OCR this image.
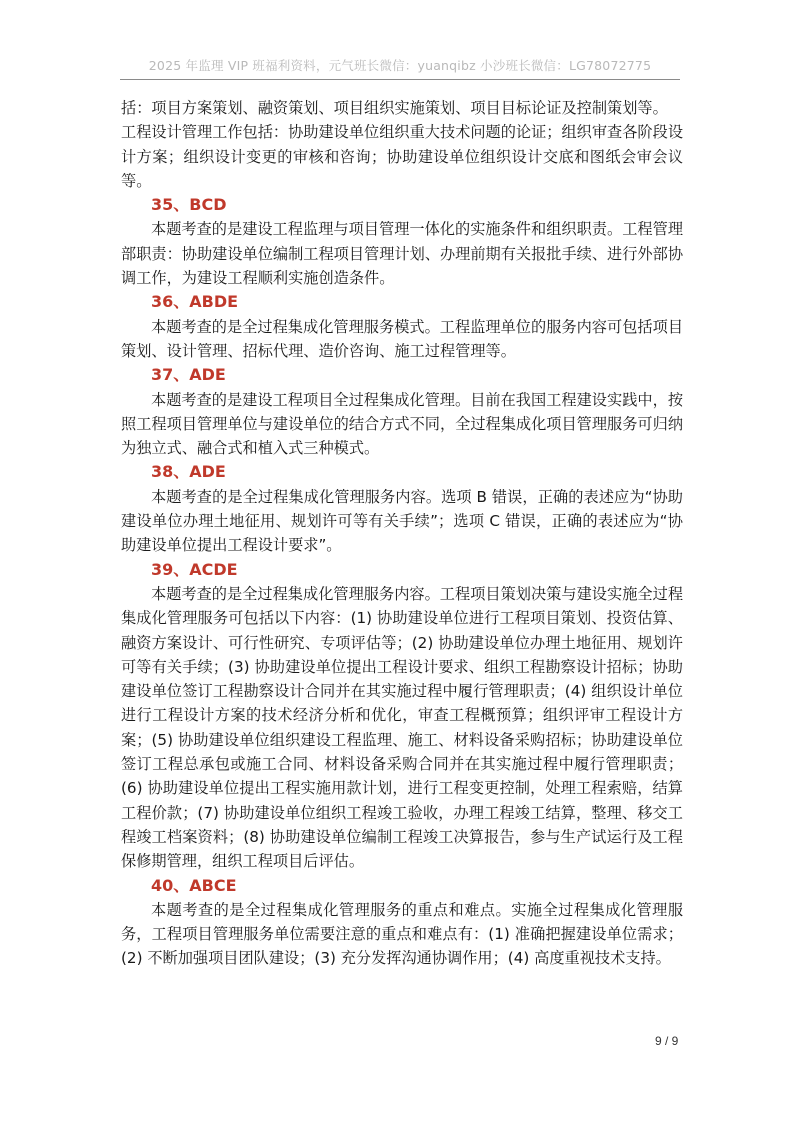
2025 年监理 VIP 班福利资料，元气班长微信：yuanqibz 小沙班长微信：LG78072775

括：项目方案策划、融资策划、项目组织实施策划、项目目标论证及控制策划等。

工程设计管理工作包括：协助建设单位组织重大技术问题的论证；组织审查各阶段设计方案；组织设计变更的审核和咨询；协助建设单位组织设计交底和图纸会审会议等。

35、BCD

本题考查的是建设工程监理与项目管理一体化的实施条件和组织职责。工程管理部职责：协助建设单位编制工程项目管理计划、办理前期有关报批手续、进行外部协调工作，为建设工程顺利实施创造条件。

36、ABDE

本题考查的是全过程集成化管理服务模式。工程监理单位的服务内容可包括项目策划、设计管理、招标代理、造价咨询、施工过程管理等。

37、ADE

本题考查的是建设工程项目全过程集成化管理。目前在我国工程建设实践中，按照工程项目管理单位与建设单位的结合方式不同，全过程集成化项目管理服务可归纳为独立式、融合式和植入式三种模式。

38、ADE

本题考查的是全过程集成化管理服务内容。选项 B 错误，正确的表述应为“协助建设单位办理土地征用、规划许可等有关手续”；选项 C 错误，正确的表述应为“协助建设单位提出工程设计要求”。

39、ACDE

本题考查的是全过程集成化管理服务内容。工程项目策划决策与建设实施全过程集成化管理服务可包括以下内容：(1) 协助建设单位进行工程项目策划、投资估算、融资方案设计、可行性研究、专项评估等；(2) 协助建设单位办理土地征用、规划许可等有关手续；(3) 协助建设单位提出工程设计要求、组织工程勘察设计招标；协助建设单位签订工程勘察设计合同并在其实施过程中履行管理职责；(4) 组织设计单位进行工程设计方案的技术经济分析和优化，审查工程概预算；组织评审工程设计方案；(5) 协助建设单位组织建设工程监理、施工、材料设备采购招标；协助建设单位签订工程总承包或施工合同、材料设备采购合同并在其实施过程中履行管理职责；(6) 协助建设单位提出工程实施用款计划，进行工程变更控制，处理工程索赔，结算工程价款；(7) 协助建设单位组织工程竣工验收，办理工程竣工结算，整理、移交工程竣工档案资料；(8) 协助建设单位编制工程竣工决算报告，参与生产试运行及工程保修期管理，组织工程项目后评估。

40、ABCE

本题考查的是全过程集成化管理服务的重点和难点。实施全过程集成化管理服务，工程项目管理服务单位需要注意的重点和难点有：(1) 准确把握建设单位需求；(2) 不断加强项目团队建设；(3) 充分发挥沟通协调作用；(4) 高度重视技术支持。

9 / 9
